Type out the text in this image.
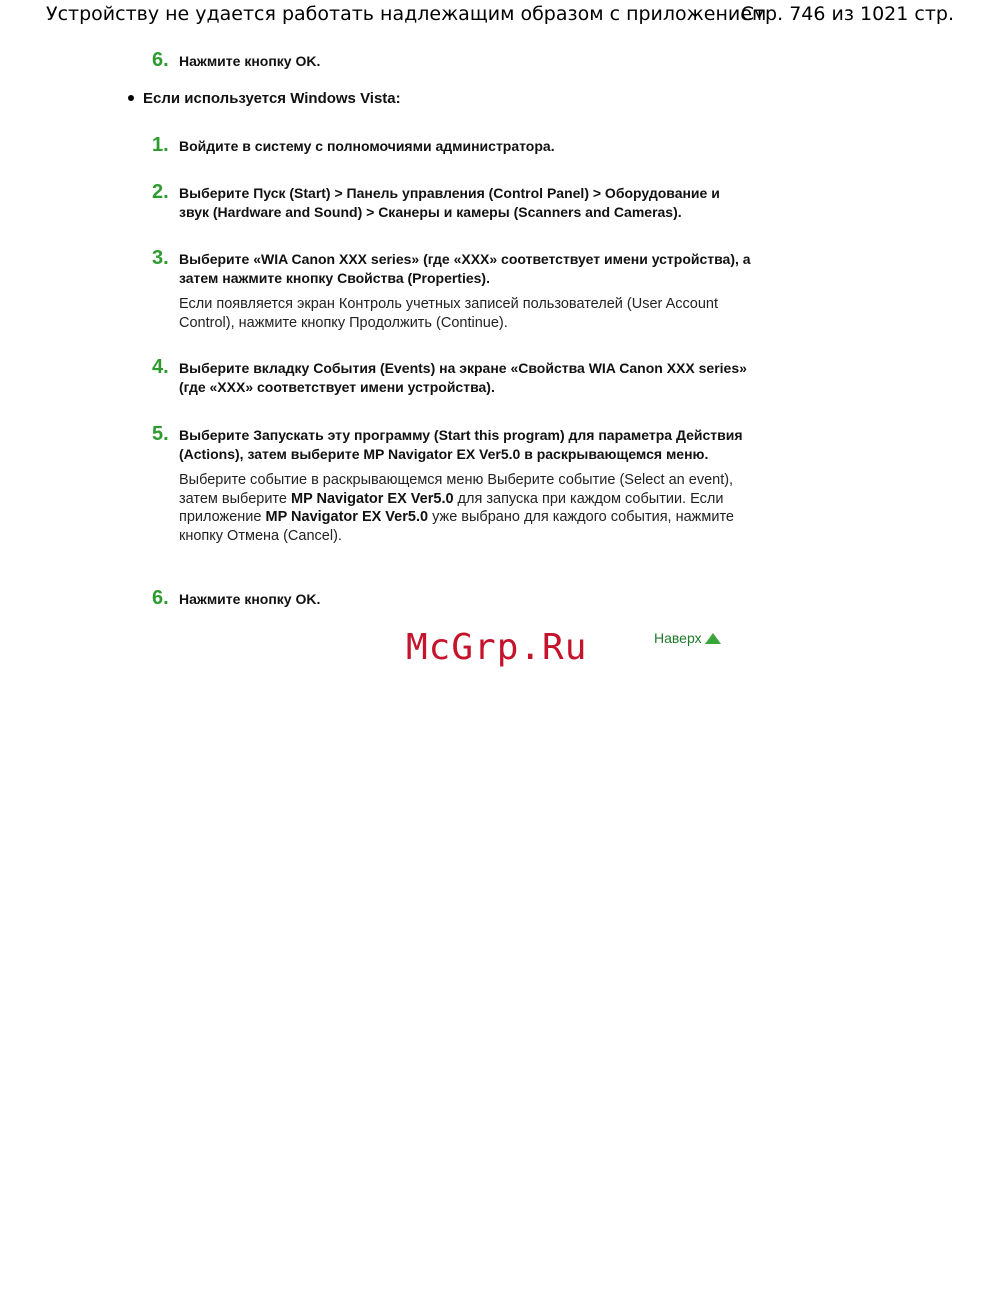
Устройству не удается работать надлежащим образом с приложением
Стр. 746 из 1021 стр.
6. Нажмите кнопку OK.
Если используется Windows Vista:
1. Войдите в систему с полномочиями администратора.
2. Выберите Пуск (Start) > Панель управления (Control Panel) > Оборудование и звук (Hardware and Sound) > Сканеры и камеры (Scanners and Cameras).
3. Выберите «WIA Canon XXX series» (где «XXX» соответствует имени устройства), а затем нажмите кнопку Свойства (Properties).
Если появляется экран Контроль учетных записей пользователей (User Account Control), нажмите кнопку Продолжить (Continue).
4. Выберите вкладку События (Events) на экране «Свойства WIA Canon XXX series» (где «XXX» соответствует имени устройства).
5. Выберите Запускать эту программу (Start this program) для параметра Действия (Actions), затем выберите MP Navigator EX Ver5.0 в раскрывающемся меню.
Выберите событие в раскрывающемся меню Выберите событие (Select an event), затем выберите MP Navigator EX Ver5.0 для запуска при каждом событии. Если приложение MP Navigator EX Ver5.0 уже выбрано для каждого события, нажмите кнопку Отмена (Cancel).
6. Нажмите кнопку OK.
McGrp.Ru	Наверх
